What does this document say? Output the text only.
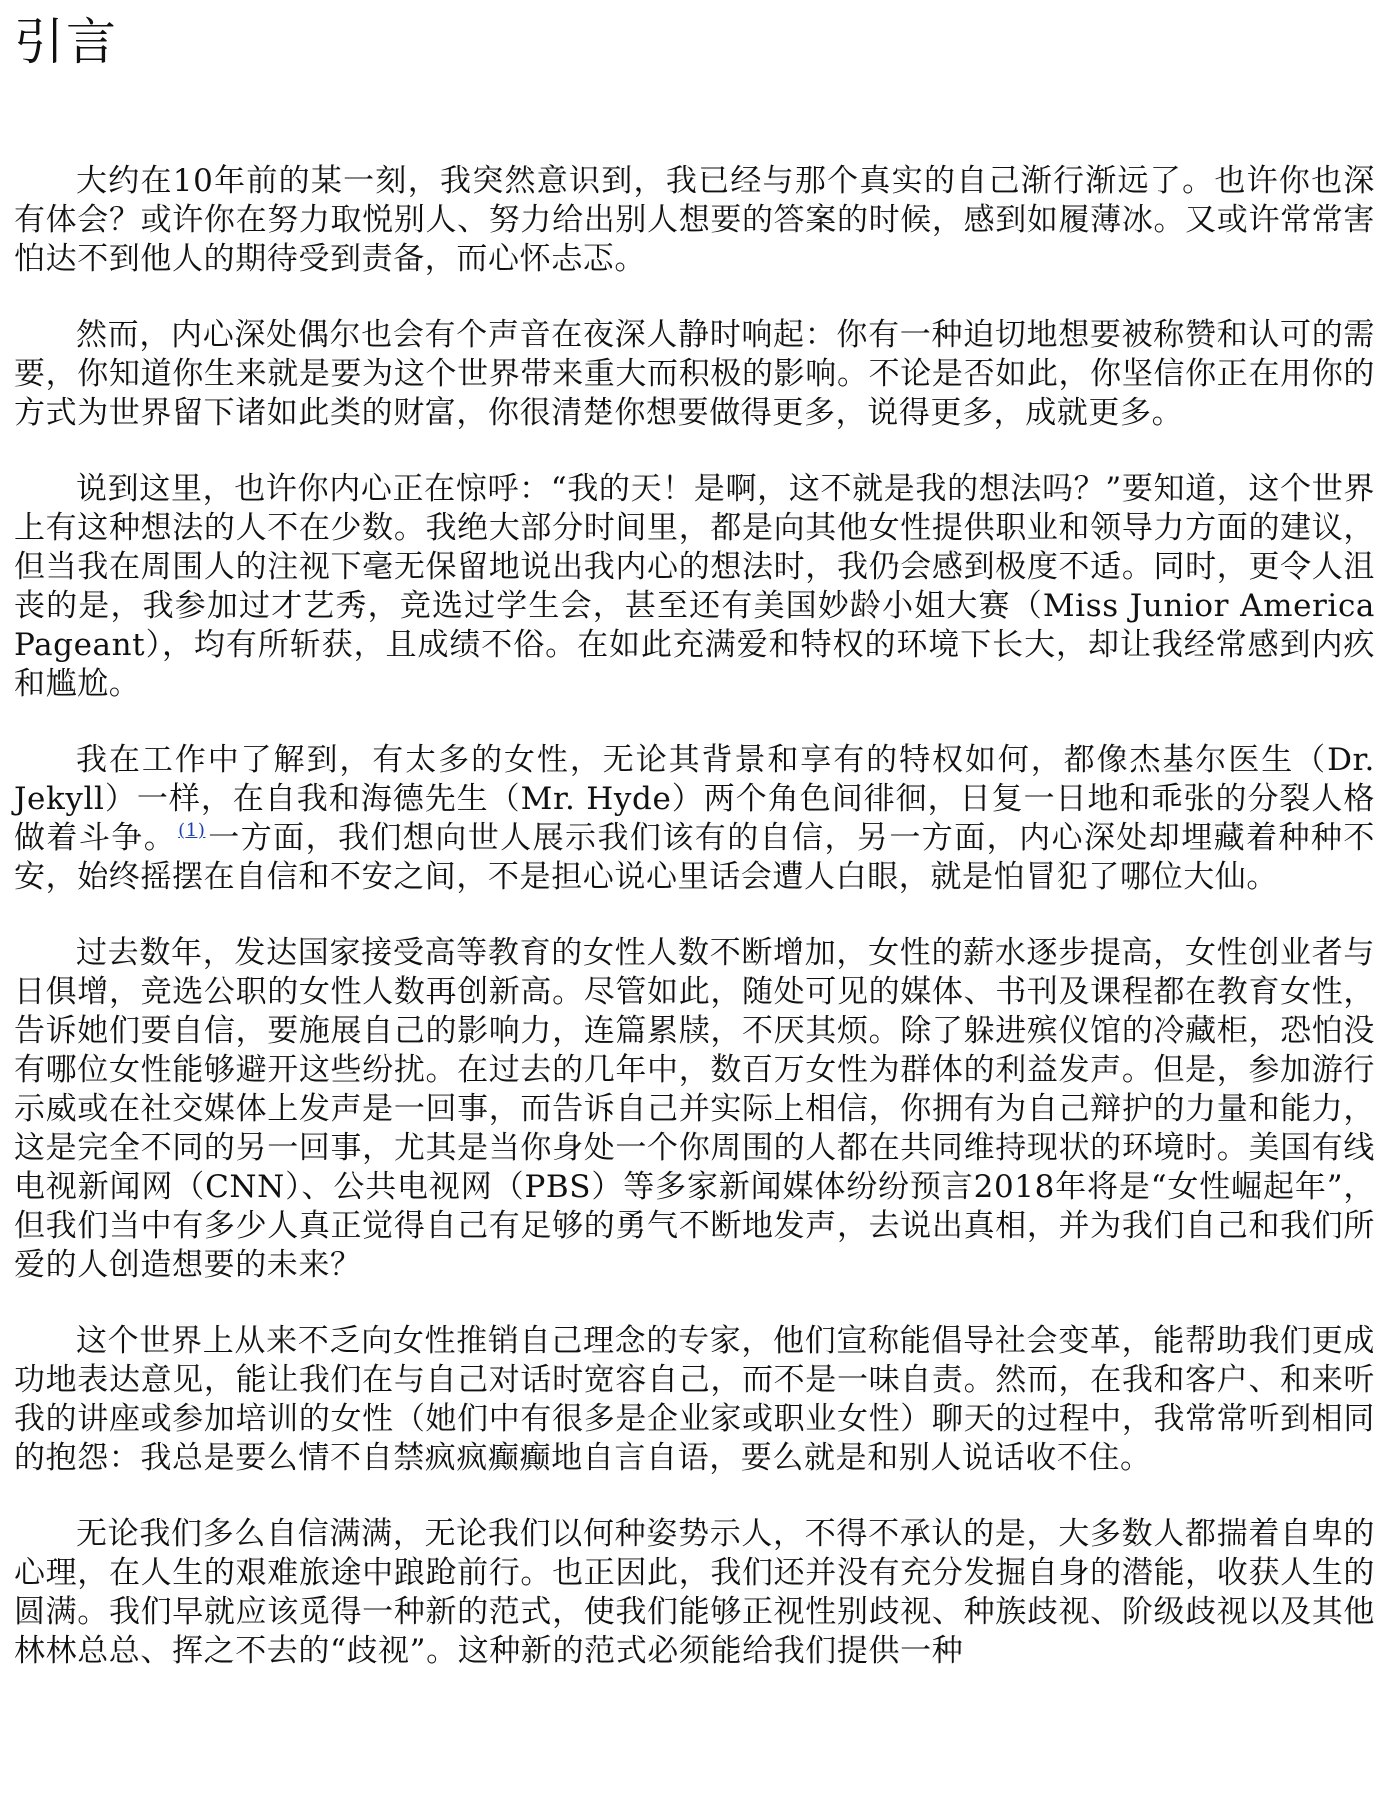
引言

大约在10年前的某一刻，我突然意识到，我已经与那个真实的自己渐行渐远了。也许你也深有体会？或许你在努力取悦别人、努力给出别人想要的答案的时候，感到如履薄冰。又或许常常害怕达不到他人的期待受到责备，而心怀忐忑。

然而，内心深处偶尔也会有个声音在夜深人静时响起：你有一种迫切地想要被称赞和认可的需要，你知道你生来就是要为这个世界带来重大而积极的影响。不论是否如此，你坚信你正在用你的方式为世界留下诸如此类的财富，你很清楚你想要做得更多，说得更多，成就更多。

说到这里，也许你内心正在惊呼：“我的天！是啊，这不就是我的想法吗？”要知道，这个世界上有这种想法的人不在少数。我绝大部分时间里，都是向其他女性提供职业和领导力方面的建议，但当我在周围人的注视下毫无保留地说出我内心的想法时，我仍会感到极度不适。同时，更令人沮丧的是，我参加过才艺秀，竞选过学生会，甚至还有美国妙龄小姐大赛（Miss Junior America Pageant），均有所斩获，且成绩不俗。在如此充满爱和特权的环境下长大，却让我经常感到内疚和尴尬。

我在工作中了解到，有太多的女性，无论其背景和享有的特权如何，都像杰基尔医生（Dr. Jekyll）一样，在自我和海德先生（Mr. Hyde）两个角色间徘徊，日复一日地和乖张的分裂人格做着斗争。 $^{(1)}$一方面，我们想向世人展示我们该有的自信，另一方面，内心深处却埋藏着种种不安，始终摇摆在自信和不安之间，不是担心说心里话会遭人白眼，就是怕冒犯了哪位大仙。

过去数年，发达国家接受高等教育的女性人数不断增加，女性的薪水逐步提高，女性创业者与日俱增，竞选公职的女性人数再创新高。尽管如此，随处可见的媒体、书刊及课程都在教育女性，告诉她们要自信，要施展自己的影响力，连篇累牍，不厌其烦。除了躲进殡仪馆的冷藏柜，恐怕没有哪位女性能够避开这些纷扰。在过去的几年中，数百万女性为群体的利益发声。但是，参加游行示威或在社交媒体上发声是一回事，而告诉自己并实际上相信，你拥有为自己辩护的力量和能力，这是完全不同的另一回事，尤其是当你身处一个你周围的人都在共同维持现状的环境时。美国有线电视新闻网（CNN）、公共电视网（PBS）等多家新闻媒体纷纷预言2018年将是“女性崛起年”，但我们当中有多少人真正觉得自己有足够的勇气不断地发声，去说出真相，并为我们自己和我们所爱的人创造想要的未来？

这个世界上从来不乏向女性推销自己理念的专家，他们宣称能倡导社会变革，能帮助我们更成功地表达意见，能让我们在与自己对话时宽容自己，而不是一味自责。然而，在我和客户、和来听我的讲座或参加培训的女性（她们中有很多是企业家或职业女性）聊天的过程中，我常常听到相同的抱怨：我总是要么情不自禁疯疯癫癫地自言自语，要么就是和别人说话收不住。

无论我们多么自信满满，无论我们以何种姿势示人，不得不承认的是，大多数人都揣着自卑的心理，在人生的艰难旅途中踉跄前行。也正因此，我们还并没有充分发掘自身的潜能，收获人生的圆满。我们早就应该觅得一种新的范式，使我们能够正视性别歧视、种族歧视、阶级歧视以及其他林林总总、挥之不去的“歧视”。这种新的范式必须能给我们提供一种
